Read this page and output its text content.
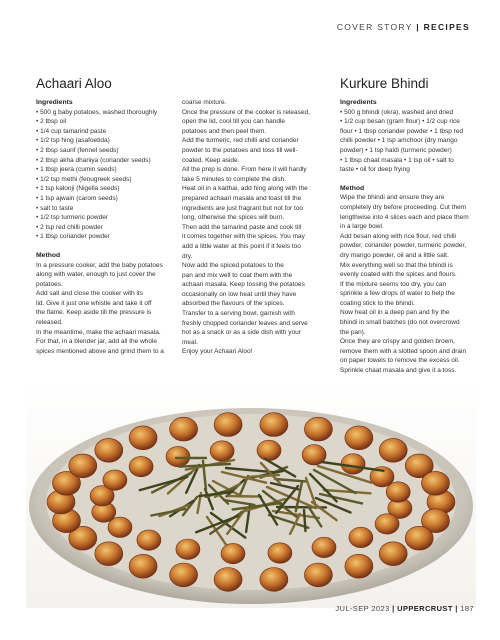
COVER STORY | RECIPES
Achaari Aloo	Kurkure Bhindi
Ingredients
• 500 g baby potatoes, washed thoroughly
• 2 tbsp oil
• 1/4 cup tamarind paste
• 1/2 tsp hing (asafoetida)
• 2 tbsp saunf (fennel seeds)
• 2 tbsp akha dhaniya (coriander seeds)
• 1 tbsp jeera (cumin seeds)
• 1/2 tsp methi (fenugreek seeds)
• 1 tsp kalonji (Nigella seeds)
• 1 tsp ajwain (carom seeds)
• salt to taste
• 1/2 tsp turmeric powder
• 2 tsp red chilli powder
• 1 tbsp coriander powder
Method

In a pressure cooker, add the baby potatoes

along with water, enough to just cover the

potatoes.

Add salt and close the cooker with its

lid. Give it just one whistle and take it off

the flame. Keep aside till the pressure is

released.

In the meantime, make the achaari masala.

For that, in a blender jar, add all the whole

spices mentioned above and grind them to a

coarse mixture.

Once the pressure of the cooker is released,

open the lid, cool till you can handle

potatoes and then peel them.

Add the turmeric, red chilli and coriander

powder to the potatoes and toss till well-

coated. Keep aside.

All the prep is done. From here it will hardly

take 5 minutes to complete the dish.

Heat oil in a kadhai, add hing along with the

prepared achaari masala and toast till the

ingredients are just fragrant but not for too

long, otherwise the spices will burn.

Then add the tamarind paste and cook till

it comes together with the spices. You may

add a little water at this point if it feels too

dry.

Now add the spiced potatoes to the

pan and mix well to coat them with the

achaari masala. Keep tossing the potatoes

occasionally on low heat until they have

absorbed the flavours of the spices.

Transfer to a serving bowl, garnish with

freshly chopped coriander leaves and serve

hot as a snack or as a side dish with your

meal.

Enjoy your Achaari Aloo!

Ingredients

• 500 g bhindi (okra), washed and dried

• 1/2 cup besan (gram flour) • 1/2 cup rice

flour • 1 tbsp coriander powder • 1 tbsp red

chilli powder • 1 tsp amchoor (dry mango

powder) • 1 tsp haldi (turmeric powder)

• 1 tbsp chaat masala • 1 tsp oil • salt to

taste • oil for deep frying

Method

Wipe the bhindi and ensure they are

completely dry before proceeding. Cut them

lengthwise into 4 slices each and place them

in a large bowl.

Add besan along with rice flour, red chilli

powder, coriander powder, turmeric powder,

dry mango powder, oil and a little salt.

Mix everything well so that the bhindi is

evenly coated with the spices and flours.

If the mixture seems too dry, you can

sprinkle a few drops of water to help the

coating stick to the bhindi.

Now heat oil in a deep pan and fry the

bhindi in small batches (do not overcrowd

the pan).

Once they are crispy and golden brown,

remove them with a slotted spoon and drain

on paper towels to remove the excess oil.

Sprinkle chaat masala and give it a toss.

JUL-SEP 2023 | UPPERCRUST | 187
